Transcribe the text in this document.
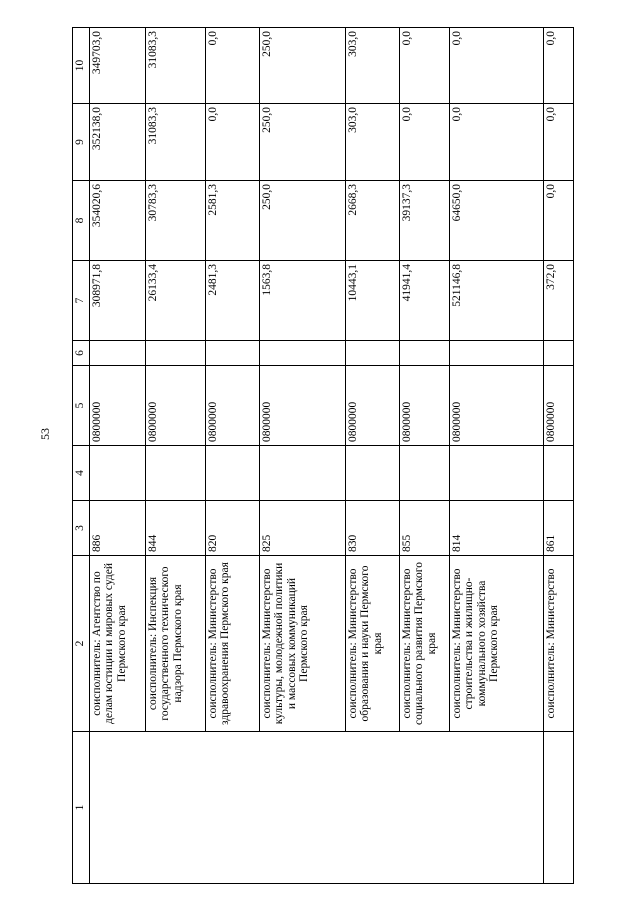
53
1	2	3	4	5	6	7	8	9	10
	соисполнитель: Агентство по делам юстиции и мировых судей Пермского края	886		0800000		308971,8	354020,6	352138,0	349703,0
	соисполнитель: Инспекция государственного технического надзора Пермского края	844		0800000		26133,4	30783,3	31083,3	31083,3
	соисполнитель: Министерство здравоохранения Пермского края	820		0800000		2481,3	2581,3	0,0	0,0
	соисполнитель: Министерство культуры, молодежной политики и массовых коммуникаций Пермского края	825		0800000		1563,8	250,0	250,0	250,0
	соисполнитель: Министерство образования и науки Пермского края	830		0800000		10443,1	2668,3	303,0	303,0
	соисполнитель: Министерство социального развития Пермского края	855		0800000		41941,4	39137,3	0,0	0,0
	соисполнитель: Министерство строительства и жилищно-коммунального хозяйства Пермского края	814		0800000		521146,8	64650,0	0,0	0,0
	соисполнитель: Министерство	861		0800000		372,0	0,0	0,0	0,0
